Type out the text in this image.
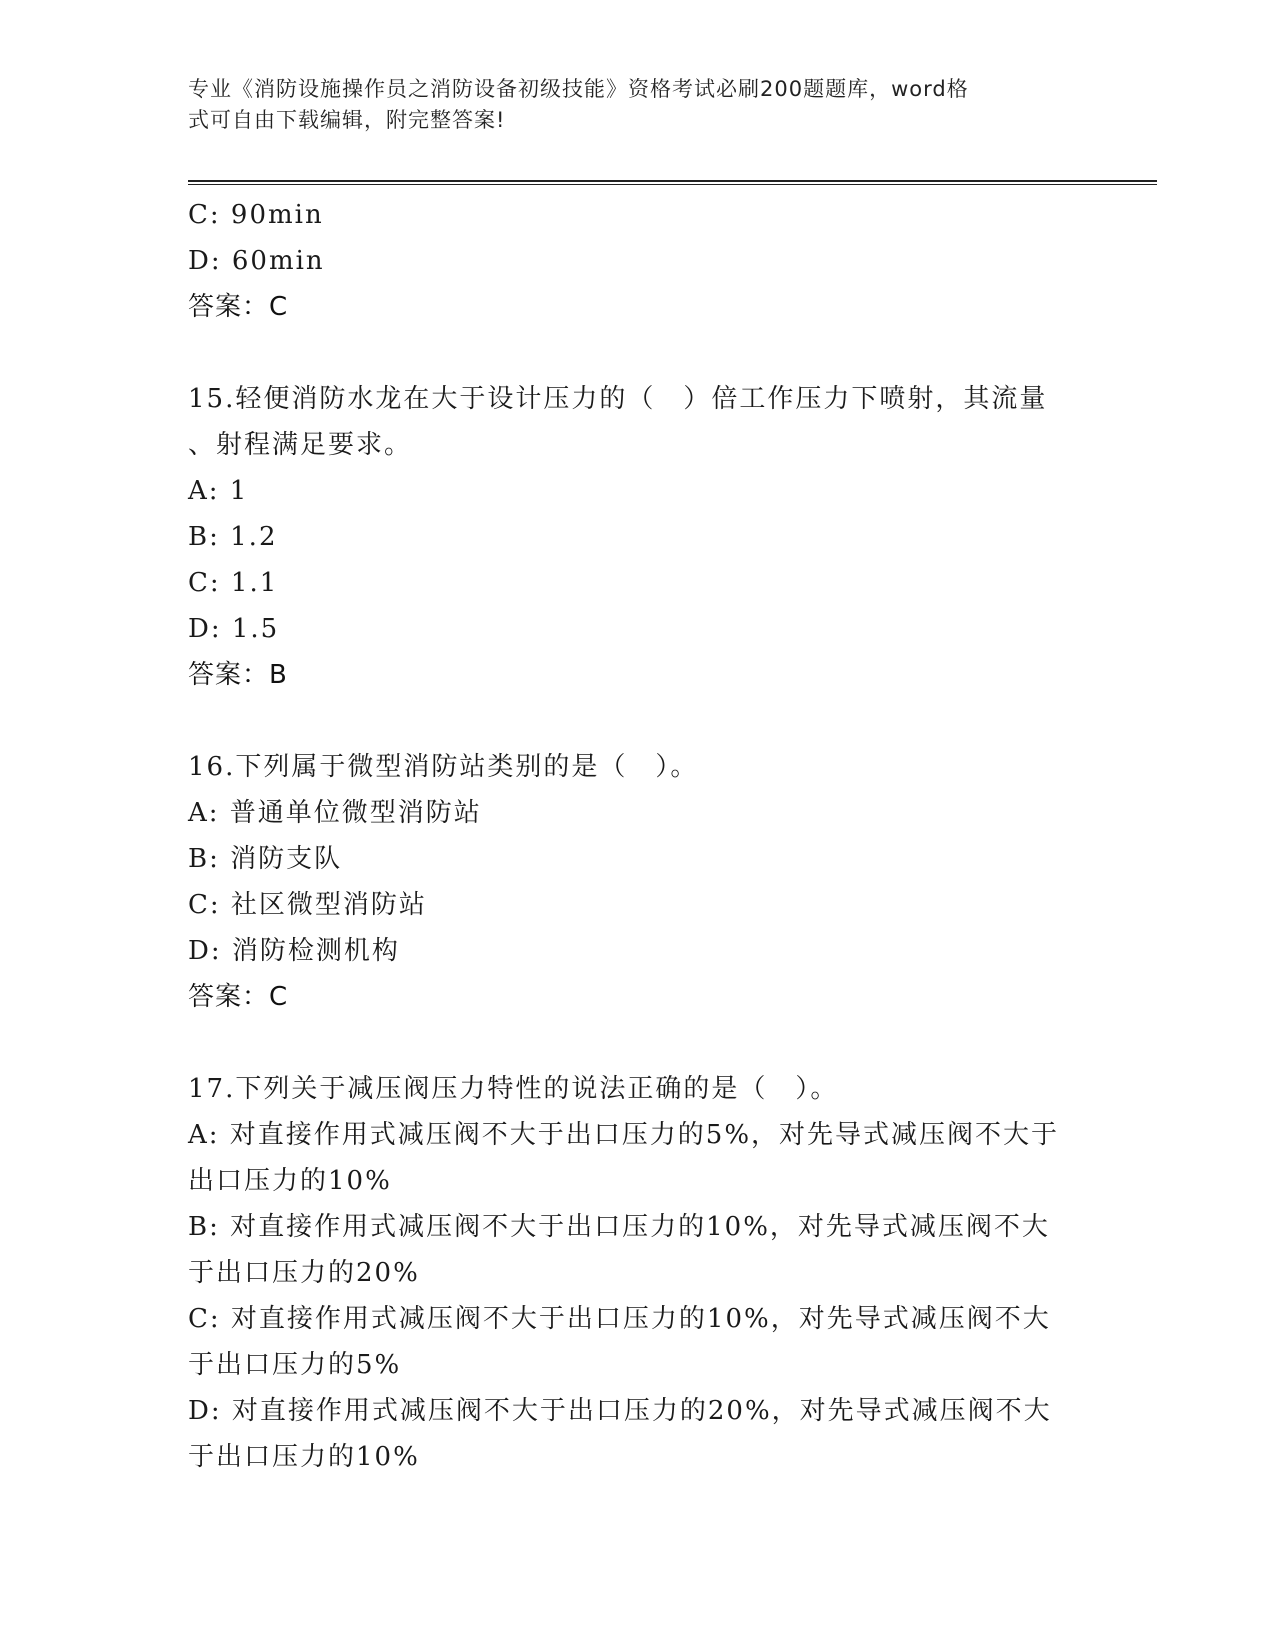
专业《消防设施操作员之消防设备初级技能》资格考试必刷200题题库，word格
式可自由下载编辑，附完整答案!
C: 90min
D: 60min
答案：C
15.轻便消防水龙在大于设计压力的（　）倍工作压力下喷射，其流量
、射程满足要求。
A: 1
B: 1.2
C: 1.1
D: 1.5
答案：B
16.下列属于微型消防站类别的是（　）。
A: 普通单位微型消防站
B: 消防支队
C: 社区微型消防站
D: 消防检测机构
答案：C
17.下列关于减压阀压力特性的说法正确的是（　）。
A: 对直接作用式减压阀不大于出口压力的5%，对先导式减压阀不大于
出口压力的10%
B: 对直接作用式减压阀不大于出口压力的10%，对先导式减压阀不大
于出口压力的20%
C: 对直接作用式减压阀不大于出口压力的10%，对先导式减压阀不大
于出口压力的5%
D: 对直接作用式减压阀不大于出口压力的20%，对先导式减压阀不大
于出口压力的10%
